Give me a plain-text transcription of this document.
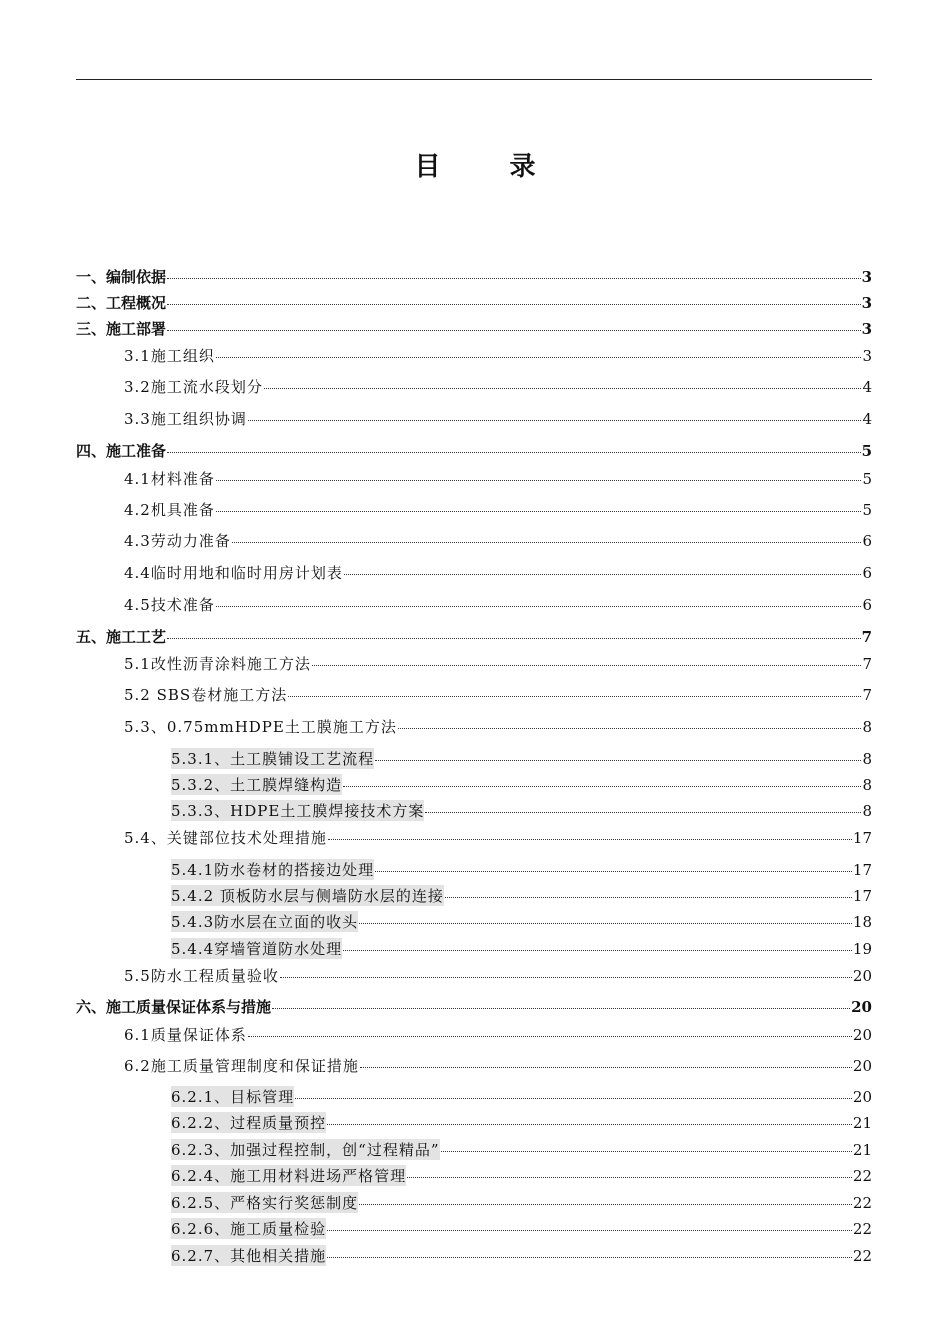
目 录
一、编制依据	3
二、工程概况	3
三、施工部署	3
3.1施工组织	3
3.2施工流水段划分	4
3.3施工组织协调	4
四、施工准备	5
4.1材料准备	5
4.2机具准备	5
4.3劳动力准备	6
4.4临时用地和临时用房计划表	6
4.5技术准备	6
五、施工工艺	7
5.1改性沥青涂料施工方法	7
5.2 SBS卷材施工方法	7
5.3、0.75mmHDPE土工膜施工方法	8
5.3.1、土工膜铺设工艺流程	8
5.3.2、土工膜焊缝构造	8
5.3.3、HDPE土工膜焊接技术方案	8
5.4、关键部位技术处理措施	17
5.4.1防水卷材的搭接边处理	17
5.4.2 顶板防水层与侧墙防水层的连接	17
5.4.3防水层在立面的收头	18
5.4.4穿墙管道防水处理	19
5.5防水工程质量验收	20
六、施工质量保证体系与措施	20
6.1质量保证体系	20
6.2施工质量管理制度和保证措施	20
6.2.1、目标管理	20
6.2.2、过程质量预控	21
6.2.3、加强过程控制，创“过程精品”	21
6.2.4、施工用材料进场严格管理	22
6.2.5、严格实行奖惩制度	22
6.2.6、施工质量检验	22
6.2.7、其他相关措施	22
